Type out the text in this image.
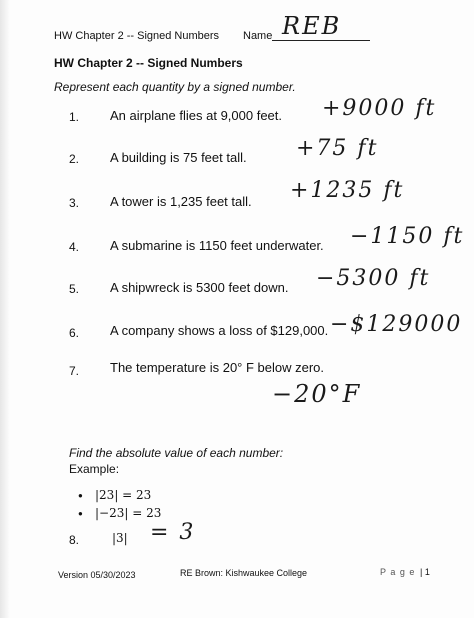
HW Chapter 2 -- Signed Numbers Name REB
HW Chapter 2 -- Signed Numbers
Represent each quantity by a signed number.
1. An airplane flies at 9,000 feet. +9000 ft
2. A building is 75 feet tall. +75 ft
3. A tower is 1,235 feet tall. +1235 ft
4. A submarine is 1150 feet underwater. −1150 ft
5. A shipwreck is 5300 feet down. −5300 ft
6. A company shows a loss of $129,000. −$129000
7. The temperature is 20° F below zero.
−20°F
Find the absolute value of each number:
Example:
● |23| = 23
● |−23| = 23
8.	|3| = 3
Version 05/30/2023	RE Brown: Kishwaukee College	P a g e | 1
